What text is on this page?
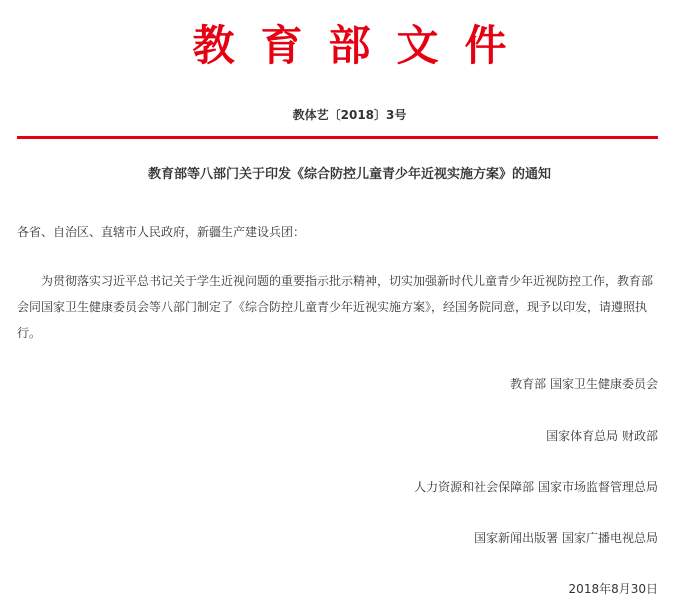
教育部文件
教体艺〔2018〕3号
教育部等八部门关于印发《综合防控儿童青少年近视实施方案》的通知
各省、自治区、直辖市人民政府，新疆生产建设兵团：
为贯彻落实习近平总书记关于学生近视问题的重要指示批示精神，切实加强新时代儿童青少年近视防控工作，教育部会同国家卫生健康委员会等八部门制定了《综合防控儿童青少年近视实施方案》，经国务院同意，现予以印发，请遵照执行。
教育部 国家卫生健康委员会
国家体育总局 财政部
人力资源和社会保障部 国家市场监督管理总局
国家新闻出版署 国家广播电视总局
2018年8月30日
